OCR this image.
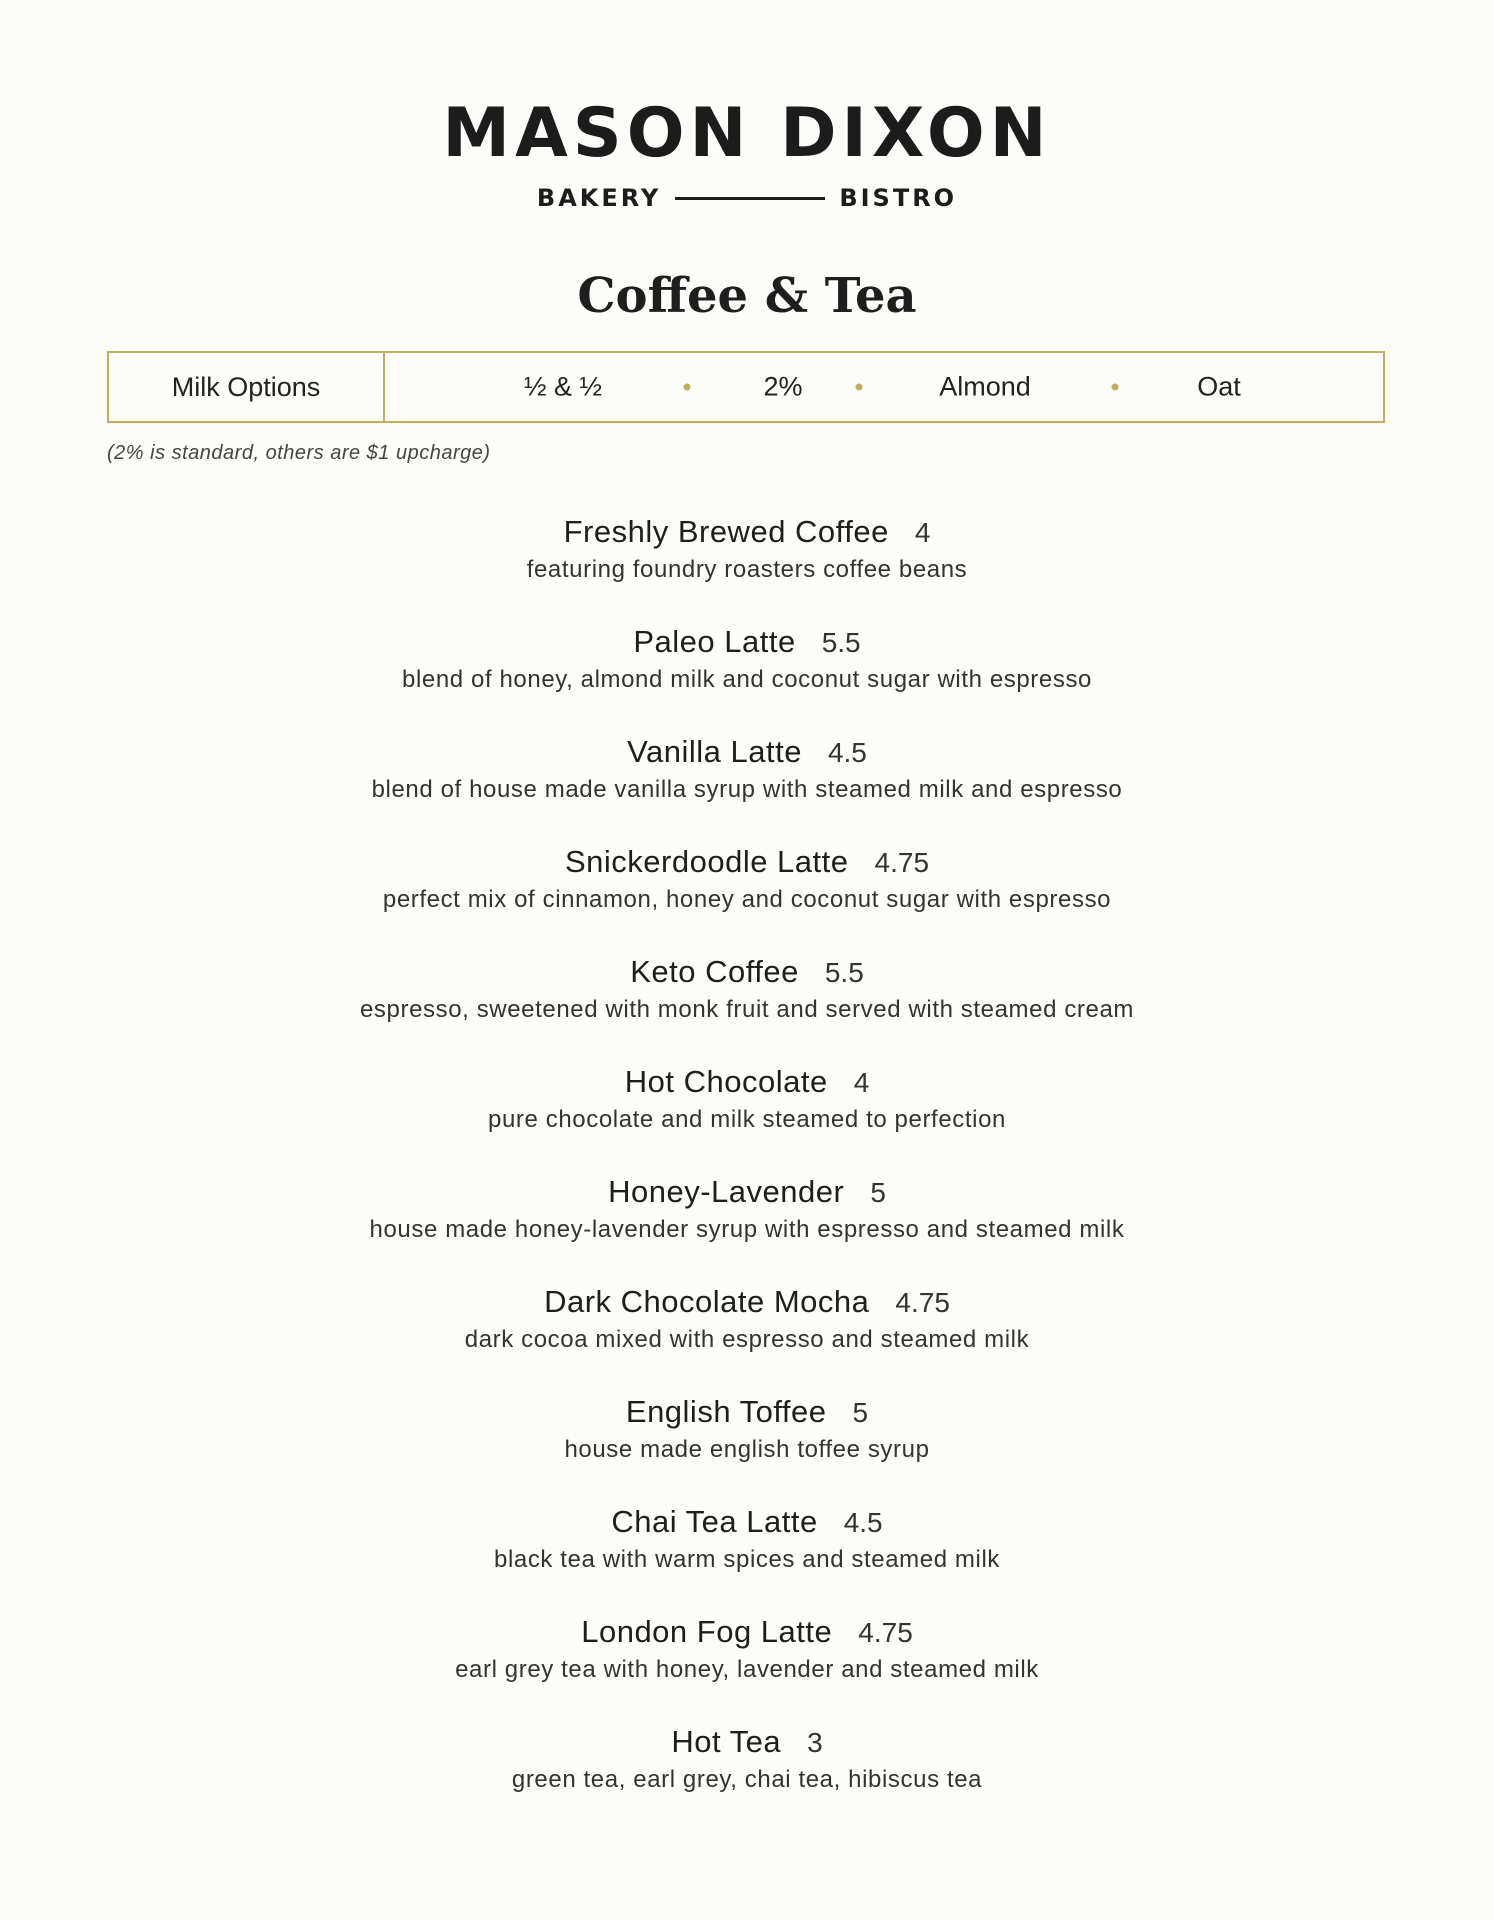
MASON DIXON
BAKERY	BISTRO
Coffee & Tea
Milk Options	½ & ½	2%	Almond	Oat
(2% is standard, others are $1 upcharge)
Freshly Brewed Coffee 4
featuring foundry roasters coffee beans
Paleo Latte 5.5
blend of honey, almond milk and coconut sugar with espresso
Vanilla Latte 4.5
blend of house made vanilla syrup with steamed milk and espresso
Snickerdoodle Latte 4.75
perfect mix of cinnamon, honey and coconut sugar with espresso
Keto Coffee 5.5
espresso, sweetened with monk fruit and served with steamed cream
Hot Chocolate 4
pure chocolate and milk steamed to perfection
Honey-Lavender 5
house made honey-lavender syrup with espresso and steamed milk
Dark Chocolate Mocha 4.75
dark cocoa mixed with espresso and steamed milk
English Toffee 5
house made english toffee syrup
Chai Tea Latte 4.5
black tea with warm spices and steamed milk
London Fog Latte 4.75
earl grey tea with honey, lavender and steamed milk
Hot Tea 3
green tea, earl grey, chai tea, hibiscus tea
